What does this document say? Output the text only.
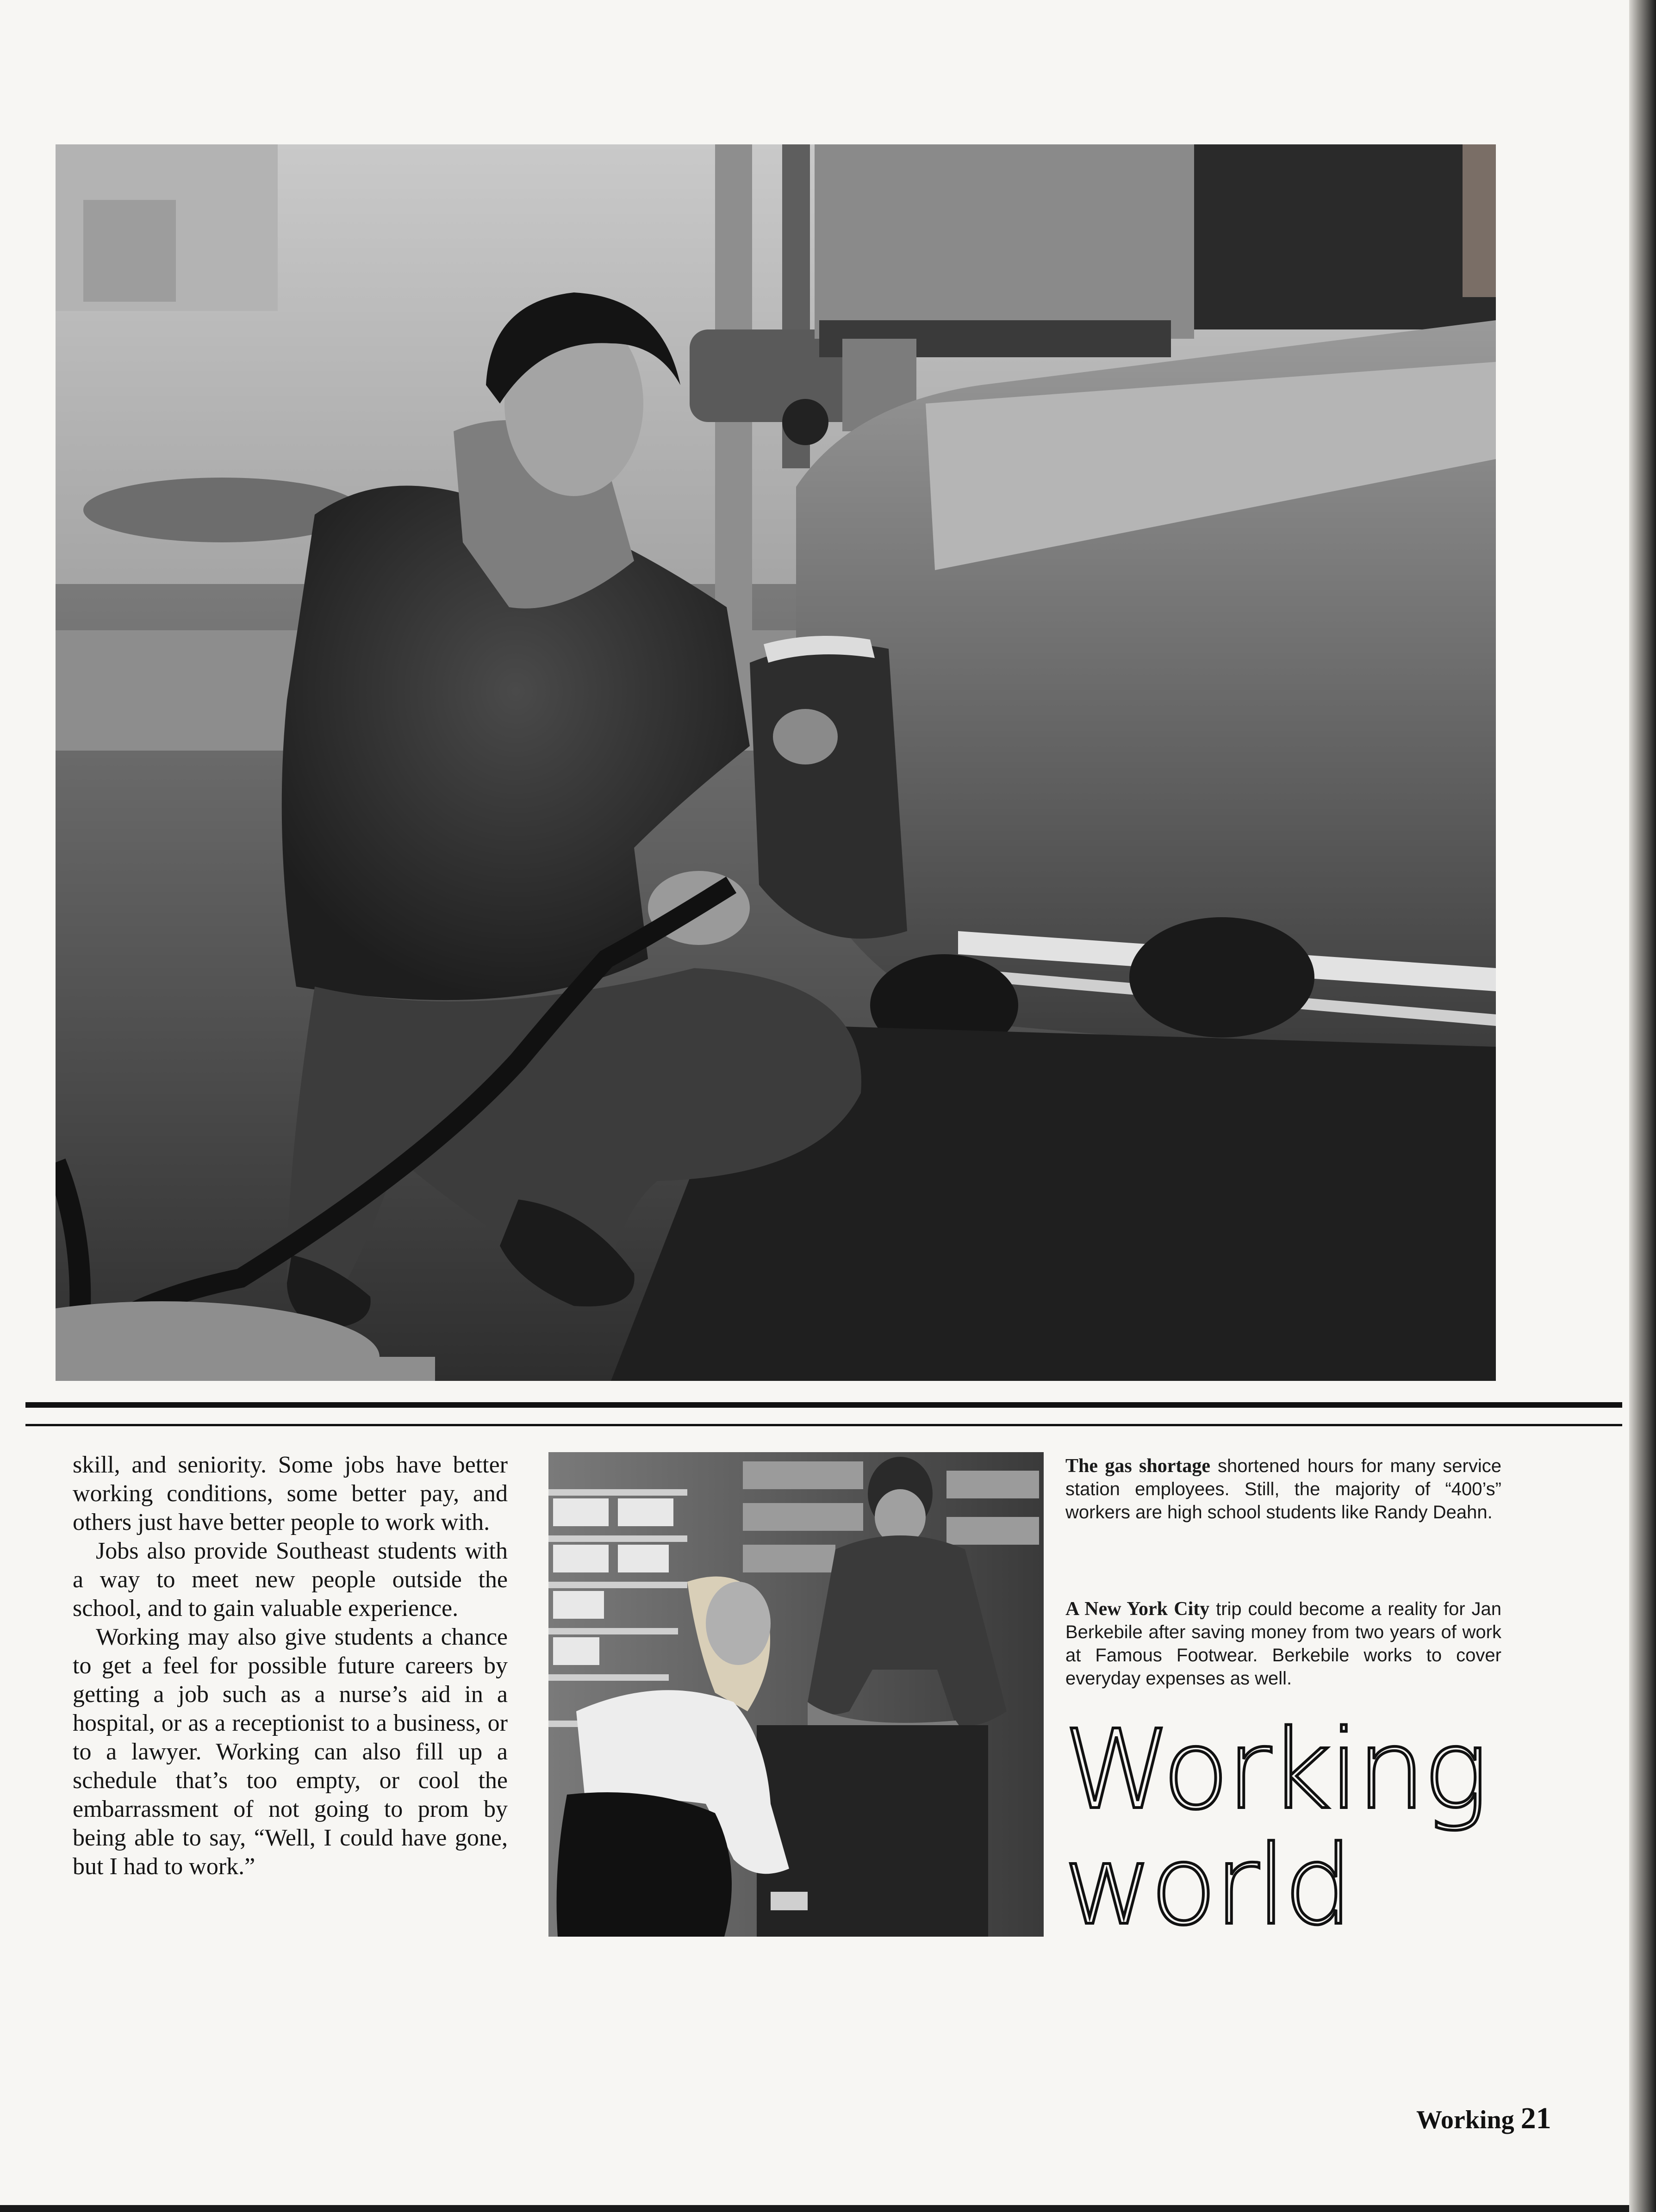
skill, and seniority. Some jobs have better working conditions, some better pay, and others just have better people to work with.

Jobs also provide Southeast students with a way to meet new people outside the school, and to gain valuable experience.

Working may also give students a chance to get a feel for possible future careers by getting a job such as a nurse’s aid in a hospital, or as a receptionist to a business, or to a lawyer. Working can also fill up a schedule that’s too empty, or cool the embarrassment of not going to prom by being able to say, “Well, I could have gone, but I had to work.”

The gas shortage shortened hours for many service station employees. Still, the majority of “400’s” workers are high school students like Randy Deahn.
A New York City trip could become a reality for Jan Berkebile after saving money from two years of work at Famous Footwear. Berkebile works to cover everyday expenses as well.
Working
world
Working 21
